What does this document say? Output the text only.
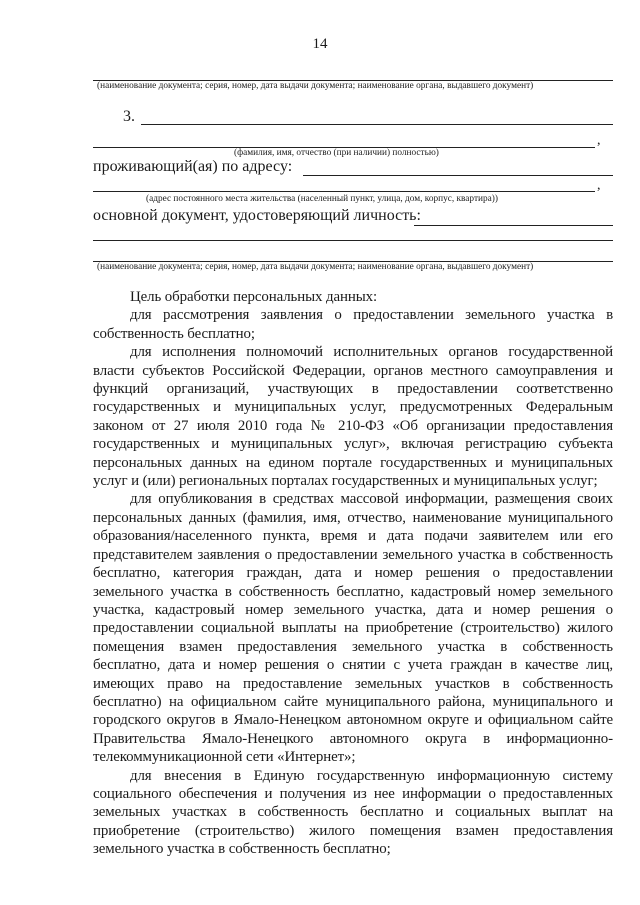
14
(наименование документа; серия, номер, дата выдачи документа; наименование органа, выдавшего документ)
3.
,
(фамилия, имя, отчество (при наличии) полностью)
проживающий(ая) по адресу:
,
(адрес постоянного места жительства (населенный пункт, улица, дом, корпус, квартира))
основной документ, удостоверяющий личность:
(наименование документа; серия, номер, дата выдачи документа; наименование органа, выдавшего документ)

Цель обработки персональных данных:

для рассмотрения заявления о предоставлении земельного участка в собственность бесплатно;

для исполнения полномочий исполнительных органов государственной власти субъектов Российской Федерации, органов местного самоуправления и функций организаций, участвующих в предоставлении соответственно государственных и муниципальных услуг, предусмотренных Федеральным законом от 27 июля 2010 года № 210-ФЗ «Об организации предоставления государственных и муниципальных услуг», включая регистрацию субъекта персональных данных на едином портале государственных и муниципальных услуг и (или) региональных порталах государственных и муниципальных услуг;

для опубликования в средствах массовой информации, размещения своих персональных данных (фамилия, имя, отчество, наименование муниципального образования/населенного пункта, время и дата подачи заявителем или его представителем заявления о предоставлении земельного участка в собственность бесплатно, категория граждан, дата и номер решения о предоставлении земельного участка в собственность бесплатно, кадастровый номер земельного участка, кадастровый номер земельного участка, дата и номер решения о предоставлении социальной выплаты на приобретение (строительство) жилого помещения взамен предоставления земельного участка в собственность бесплатно, дата и номер решения о снятии с учета граждан в качестве лиц, имеющих право на предоставление земельных участков в собственность бесплатно) на официальном сайте муниципального района, муниципального и городского округов в Ямало-Ненецком автономном округе и официальном сайте Правительства Ямало-Ненецкого автономного округа в информационно-телекоммуникационной сети «Интернет»;

для внесения в Единую государственную информационную систему социального обеспечения и получения из нее информации о предоставленных земельных участках в собственность бесплатно и социальных выплат на приобретение (строительство) жилого помещения взамен предоставления земельного участка в собственность бесплатно;
